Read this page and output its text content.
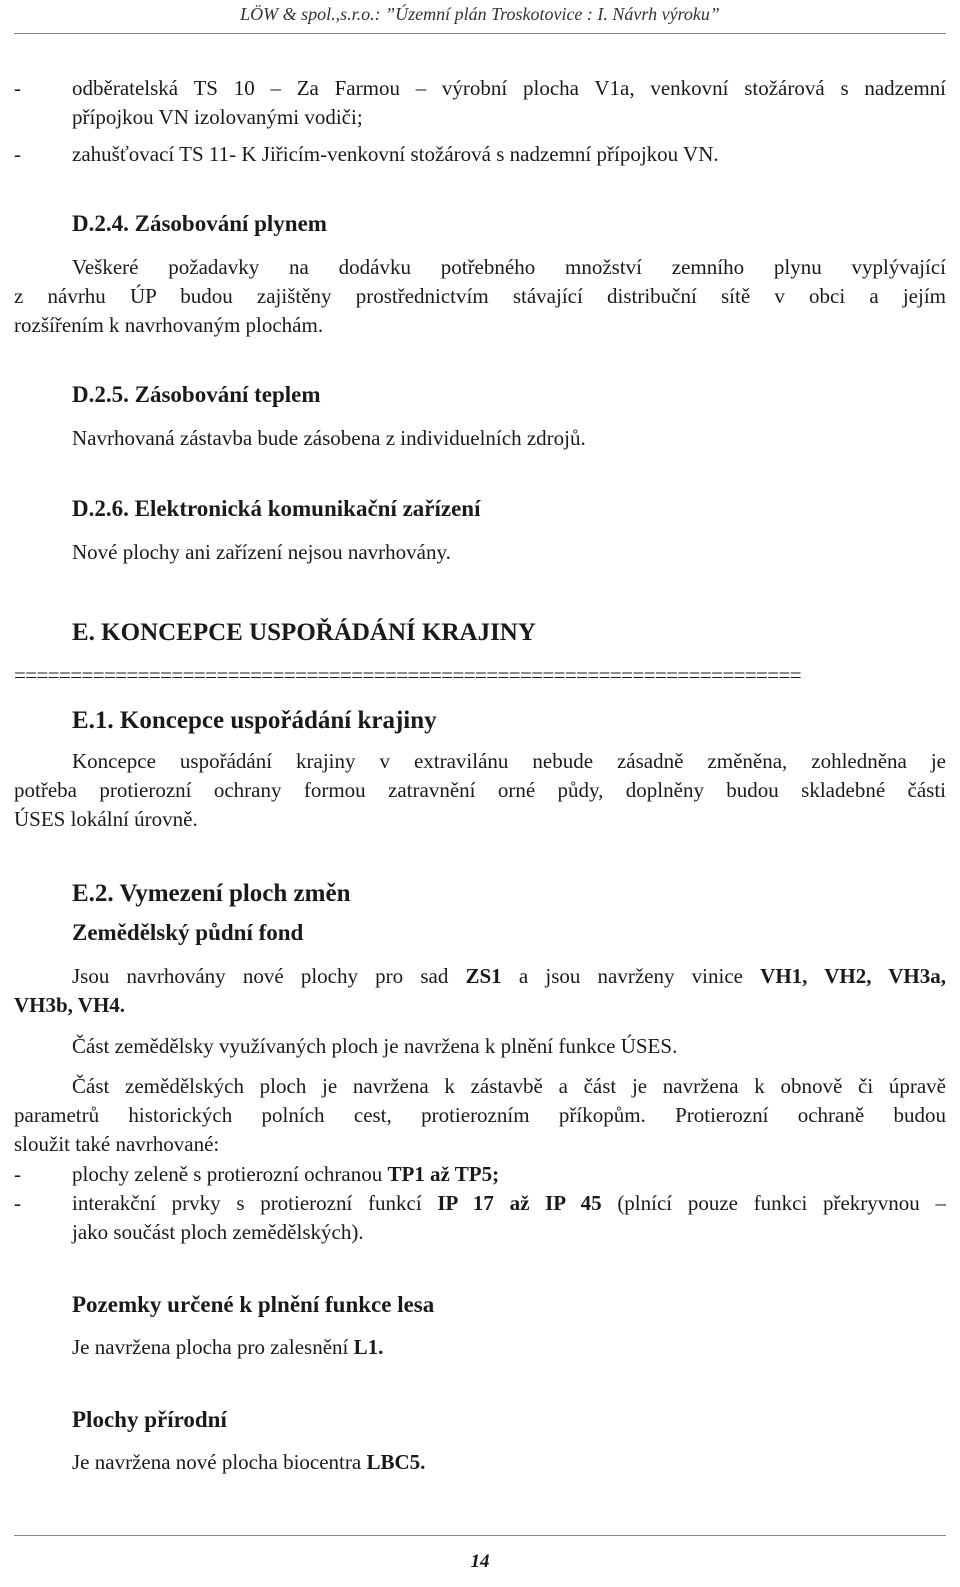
LÖW & spol.,s.r.o.: ”Územní plán Troskotovice : I. Návrh výroku”
-	odběratelská TS 10 – Za Farmou – výrobní plocha V1a, venkovní stožárová s nadzemní
přípojkou VN izolovanými vodiči;
-	zahušťovací TS 11- K Jiřicím-venkovní stožárová s nadzemní přípojkou VN.
D.2.4. Zásobování plynem
Veškeré požadavky na dodávku potřebného množství zemního plynu vyplývající
z návrhu ÚP budou zajištěny prostřednictvím stávající distribuční sítě v obci a jejím
rozšířením k navrhovaným plochám.
D.2.5. Zásobování teplem
Navrhovaná zástavba bude zásobena z individuelních zdrojů.
D.2.6. Elektronická komunikační zařízení
Nové plochy ani zařízení nejsou navrhovány.
E. KONCEPCE USPOŘÁDÁNÍ KRAJINY
======================================================================
E.1. Koncepce uspořádání krajiny
Koncepce uspořádání krajiny v extravilánu nebude zásadně změněna, zohledněna je
potřeba protierozní ochrany formou zatravnění orné půdy, doplněny budou skladebné části
ÚSES lokální úrovně.
E.2. Vymezení ploch změn
Zemědělský půdní fond
Jsou navrhovány nové plochy pro sad ZS1 a jsou navrženy vinice VH1, VH2, VH3a,
VH3b, VH4.
Část zemědělsky využívaných ploch je navržena k plnění funkce ÚSES.
Část zemědělských ploch je navržena k zástavbě a část je navržena k obnově či úpravě
parametrů historických polních cest, protierozním příkopům. Protierozní ochraně budou
sloužit také navrhované:
-	plochy zeleně s protierozní ochranou TP1 až TP5;
-	interakční prvky s protierozní funkcí IP 17 až IP 45 (plnící pouze funkci překryvnou –
jako součást ploch zemědělských).
Pozemky určené k plnění funkce lesa
Je navržena plocha pro zalesnění L1.
Plochy přírodní
Je navržena nové plocha biocentra LBC5.
14
